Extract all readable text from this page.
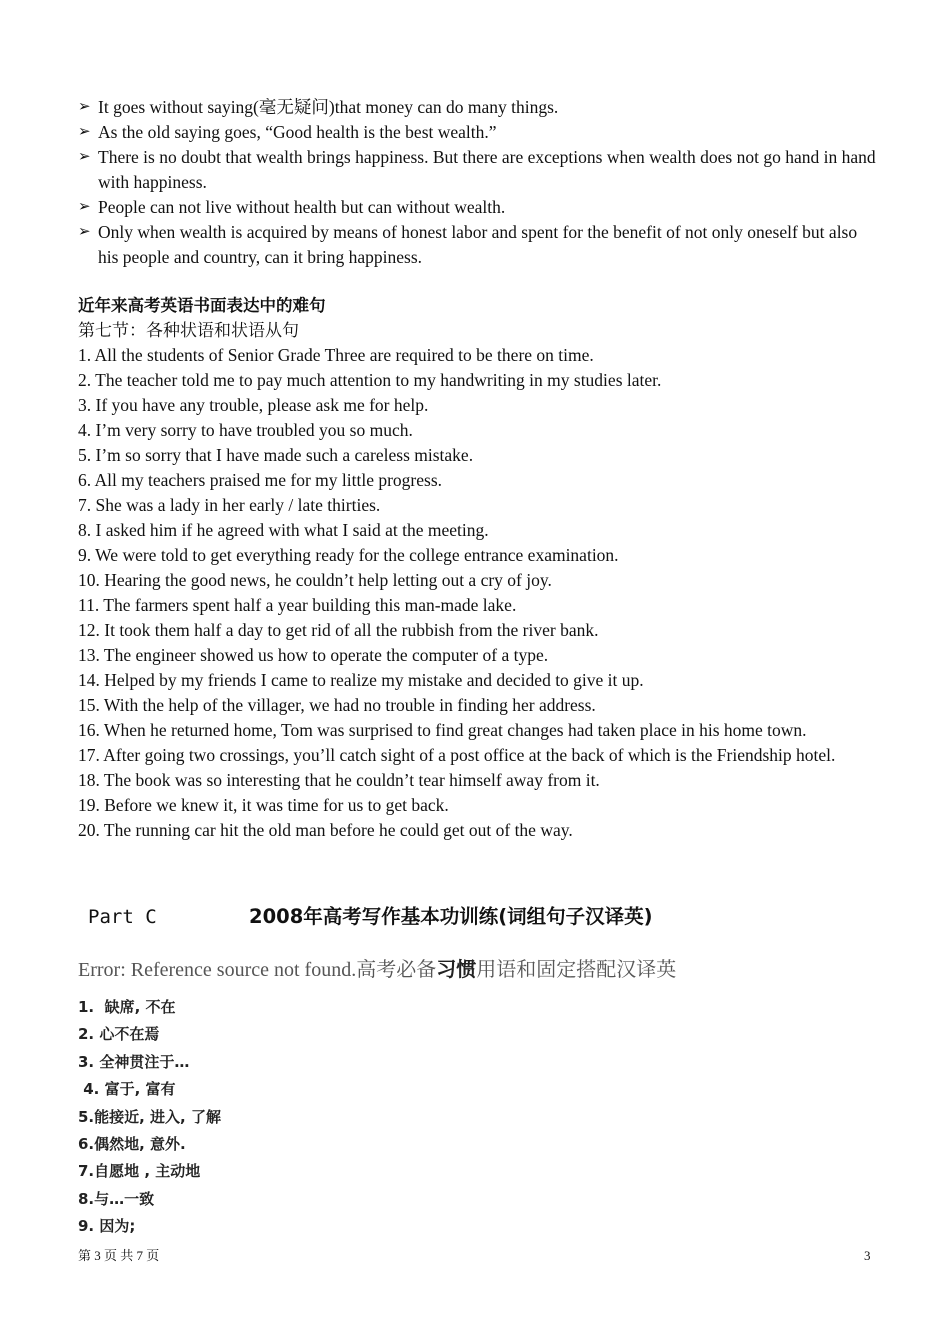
➢ It goes without saying(毫无疑问)that money can do many things.
➢ As the old saying goes, “Good health is the best wealth.”
➢ There is no doubt that wealth brings happiness. But there are exceptions when wealth does not go hand in hand with happiness.
➢ People can not live without health but can without wealth.
➢ Only when wealth is acquired by means of honest labor and spent for the benefit of not only oneself but also his people and country, can it bring happiness.
近年来高考英语书面表达中的难句
第七节：各种状语和状语从句
1. All the students of Senior Grade Three are required to be there on time.
2. The teacher told me to pay much attention to my handwriting in my studies later.
3. If you have any trouble, please ask me for help.
4. I’m very sorry to have troubled you so much.
5. I’m so sorry that I have made such a careless mistake.
6. All my teachers praised me for my little progress.
7. She was a lady in her early / late thirties.
8. I asked him if he agreed with what I said at the meeting.
9. We were told to get everything ready for the college entrance examination.
10. Hearing the good news, he couldn’t help letting out a cry of joy.
11. The farmers spent half a year building this man-made lake.
12. It took them half a day to get rid of all the rubbish from the river bank.
13. The engineer showed us how to operate the computer of a type.
14. Helped by my friends I came to realize my mistake and decided to give it up.
15. With the help of the villager, we had no trouble in finding her address.
16. When he returned home, Tom was surprised to find great changes had taken place in his home town.
17. After going two crossings, you’ll catch sight of a post office at the back of which is the Friendship hotel.
18. The book was so interesting that he couldn’t tear himself away from it.
19. Before we knew it, it was time for us to get back.
20. The running car hit the old man before he could get out of the way.
Part C	2008年高考写作基本功训练(词组句子汉译英)
Error: Reference source not found.高考必备习惯用语和固定搭配汉译英
1.  缺席, 不在
2. 心不在焉
3. 全神贯注于…
4. 富于, 富有
5.能接近, 进入, 了解
6.偶然地, 意外.
7.自愿地 , 主动地
8.与…一致
9. 因为;
第 3 页 共 7 页	3
